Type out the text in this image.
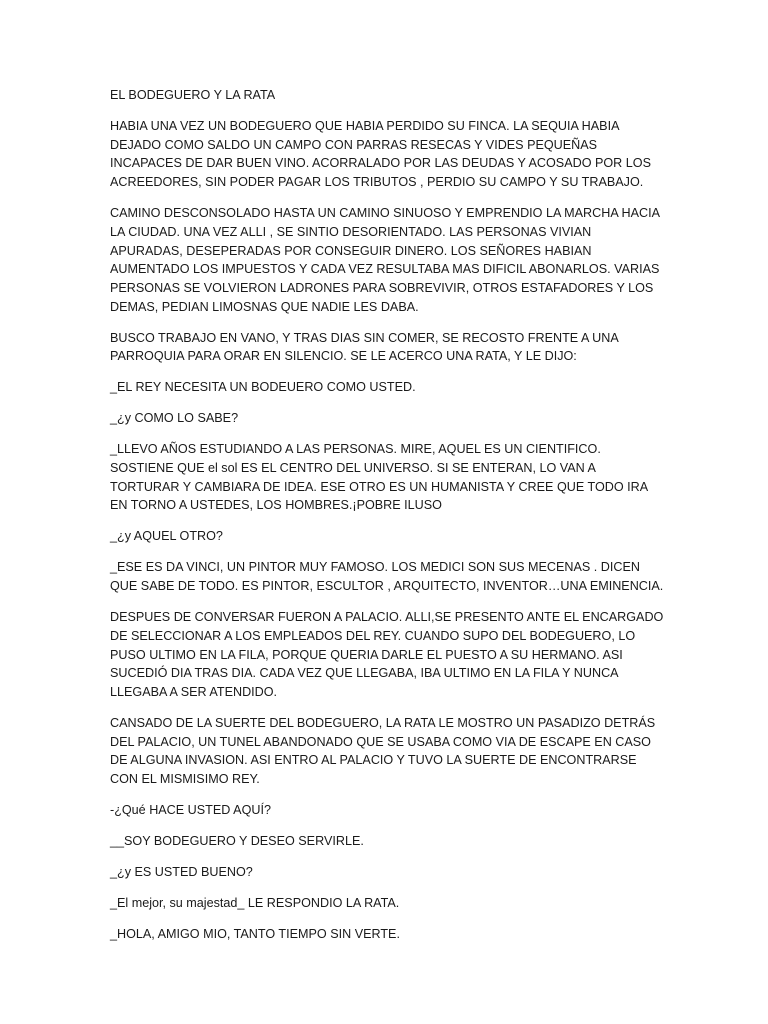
EL BODEGUERO Y LA RATA

HABIA UNA VEZ UN BODEGUERO QUE HABIA PERDIDO SU FINCA. LA SEQUIA HABIA DEJADO COMO SALDO UN CAMPO CON PARRAS RESECAS Y VIDES PEQUEÑAS INCAPACES DE DAR BUEN VINO. ACORRALADO POR LAS DEUDAS Y ACOSADO POR LOS ACREEDORES, SIN PODER PAGAR LOS TRIBUTOS , PERDIO SU CAMPO Y SU TRABAJO.

CAMINO DESCONSOLADO HASTA UN CAMINO SINUOSO Y EMPRENDIO LA MARCHA HACIA LA CIUDAD. UNA VEZ ALLI , SE SINTIO DESORIENTADO. LAS PERSONAS VIVIAN APURADAS, DESEPERADAS POR CONSEGUIR DINERO. LOS SEÑORES HABIAN AUMENTADO LOS IMPUESTOS Y CADA VEZ RESULTABA MAS DIFICIL ABONARLOS. VARIAS PERSONAS SE VOLVIERON LADRONES PARA SOBREVIVIR, OTROS ESTAFADORES Y LOS DEMAS, PEDIAN LIMOSNAS QUE NADIE LES DABA.

BUSCO TRABAJO EN VANO, Y TRAS DIAS SIN COMER, SE RECOSTO FRENTE A UNA PARROQUIA PARA ORAR EN SILENCIO. SE LE ACERCO UNA RATA, Y LE DIJO:

_EL REY NECESITA UN BODEUERO COMO USTED.

_¿y COMO LO SABE?

_LLEVO AÑOS ESTUDIANDO A LAS PERSONAS. MIRE, AQUEL ES UN CIENTIFICO. SOSTIENE QUE el sol ES EL CENTRO DEL UNIVERSO. SI SE ENTERAN, LO VAN A TORTURAR Y CAMBIARA DE IDEA. ESE OTRO ES UN HUMANISTA Y CREE QUE TODO IRA EN TORNO A USTEDES, LOS HOMBRES.¡POBRE ILUSO

_¿y AQUEL OTRO?

_ESE ES DA VINCI, UN PINTOR MUY FAMOSO. LOS MEDICI SON SUS MECENAS . DICEN QUE SABE DE TODO. ES PINTOR, ESCULTOR , ARQUITECTO, INVENTOR…UNA EMINENCIA.

DESPUES DE CONVERSAR FUERON A PALACIO. ALLI,SE PRESENTO ANTE EL ENCARGADO DE SELECCIONAR A LOS EMPLEADOS DEL REY. CUANDO SUPO DEL BODEGUERO, LO PUSO ULTIMO EN LA FILA, PORQUE QUERIA DARLE EL PUESTO A SU HERMANO. ASI SUCEDIÓ DIA TRAS DIA. CADA VEZ QUE LLEGABA, IBA ULTIMO EN LA FILA Y NUNCA LLEGABA A SER ATENDIDO.

CANSADO DE LA SUERTE DEL BODEGUERO, LA RATA LE MOSTRO UN PASADIZO DETRÁS DEL PALACIO, UN TUNEL ABANDONADO QUE SE USABA COMO VIA DE ESCAPE EN CASO DE ALGUNA INVASION. ASI ENTRO AL PALACIO Y TUVO LA SUERTE DE ENCONTRARSE CON EL MISMISIMO REY.

-¿Qué HACE USTED AQUÍ?

__SOY BODEGUERO Y DESEO SERVIRLE.

_¿y ES USTED BUENO?

_El mejor, su majestad_ LE RESPONDIO LA RATA.

_HOLA, AMIGO MIO, TANTO TIEMPO SIN VERTE.
